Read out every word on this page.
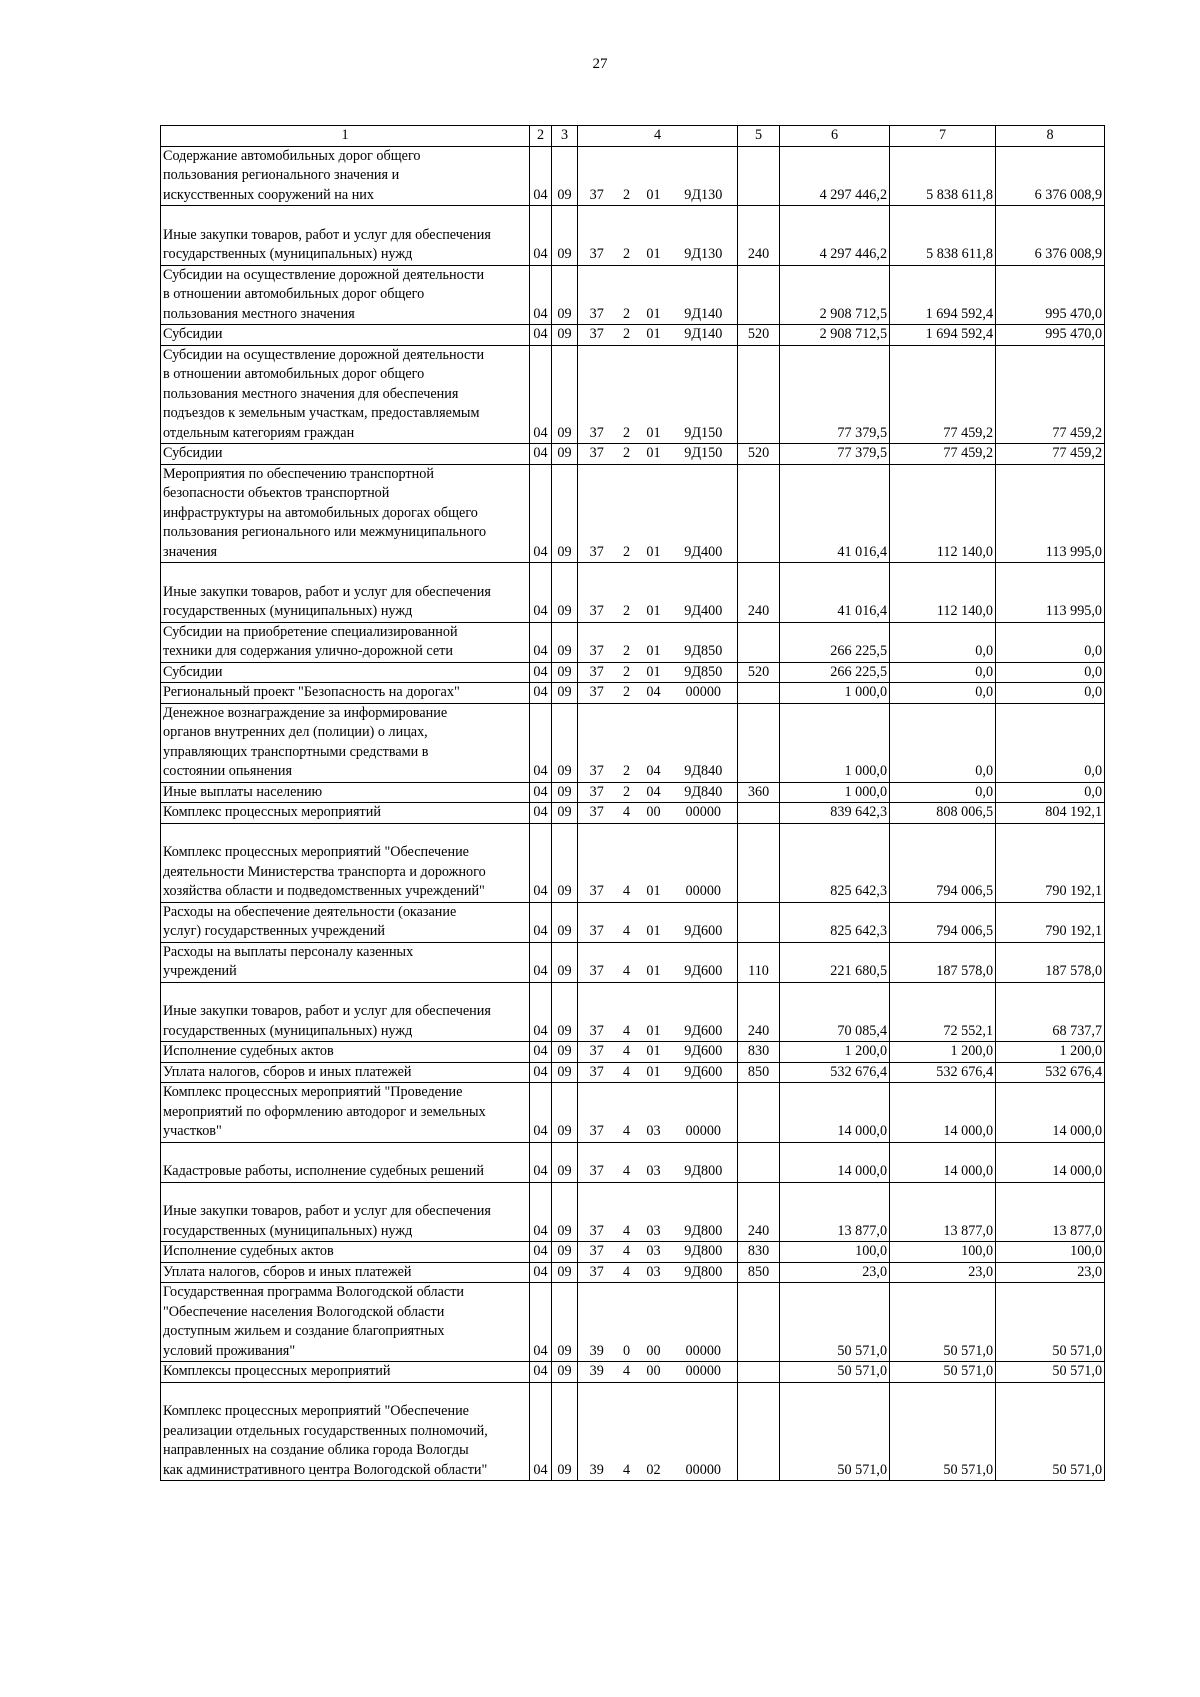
27
1	2	3	4				5	6	7	8
Содержание автомобильных дорог общего
пользования регионального значения и
искусственных сооружений на них	04	09	37	2	01	9Д130		4 297 446,2	5 838 611,8	6 376 008,9

Иные закупки товаров, работ и услуг для обеспечения
государственных (муниципальных) нужд	04	09	37	2	01	9Д130	240	4 297 446,2	5 838 611,8	6 376 008,9
Субсидии на осуществление дорожной деятельности
в отношении автомобильных дорог общего
пользования местного значения	04	09	37	2	01	9Д140		2 908 712,5	1 694 592,4	995 470,0
Субсидии	04	09	37	2	01	9Д140	520	2 908 712,5	1 694 592,4	995 470,0
Субсидии на осуществление дорожной деятельности
в отношении автомобильных дорог общего
пользования местного значения для обеспечения
подъездов к земельным участкам, предоставляемым
отдельным категориям граждан	04	09	37	2	01	9Д150		77 379,5	77 459,2	77 459,2
Субсидии	04	09	37	2	01	9Д150	520	77 379,5	77 459,2	77 459,2
Мероприятия по обеспечению транспортной
безопасности объектов транспортной
инфраструктуры на автомобильных дорогах общего
пользования регионального или межмуниципального
значения	04	09	37	2	01	9Д400		41 016,4	112 140,0	113 995,0

Иные закупки товаров, работ и услуг для обеспечения
государственных (муниципальных) нужд	04	09	37	2	01	9Д400	240	41 016,4	112 140,0	113 995,0
Субсидии на приобретение специализированной
техники для содержания улично-дорожной сети	04	09	37	2	01	9Д850		266 225,5	0,0	0,0
Субсидии	04	09	37	2	01	9Д850	520	266 225,5	0,0	0,0
Региональный проект "Безопасность на дорогах"	04	09	37	2	04	00000		1 000,0	0,0	0,0
Денежное вознаграждение за информирование
органов внутренних дел (полиции) о лицах,
управляющих транспортными средствами в
состоянии опьянения	04	09	37	2	04	9Д840		1 000,0	0,0	0,0
Иные выплаты населению	04	09	37	2	04	9Д840	360	1 000,0	0,0	0,0
Комплекс процессных мероприятий	04	09	37	4	00	00000		839 642,3	808 006,5	804 192,1

Комплекс процессных мероприятий "Обеспечение
деятельности Министерства транспорта и дорожного
хозяйства области и подведомственных учреждений"	04	09	37	4	01	00000		825 642,3	794 006,5	790 192,1
Расходы на обеспечение деятельности (оказание
услуг) государственных учреждений	04	09	37	4	01	9Д600		825 642,3	794 006,5	790 192,1
Расходы на выплаты персоналу казенных
учреждений	04	09	37	4	01	9Д600	110	221 680,5	187 578,0	187 578,0

Иные закупки товаров, работ и услуг для обеспечения
государственных (муниципальных) нужд	04	09	37	4	01	9Д600	240	70 085,4	72 552,1	68 737,7
Исполнение судебных актов	04	09	37	4	01	9Д600	830	1 200,0	1 200,0	1 200,0
Уплата налогов, сборов и иных платежей	04	09	37	4	01	9Д600	850	532 676,4	532 676,4	532 676,4
Комплекс процессных мероприятий "Проведение
мероприятий по оформлению автодорог и земельных
участков"	04	09	37	4	03	00000		14 000,0	14 000,0	14 000,0

Кадастровые работы, исполнение судебных решений	04	09	37	4	03	9Д800		14 000,0	14 000,0	14 000,0

Иные закупки товаров, работ и услуг для обеспечения
государственных (муниципальных) нужд	04	09	37	4	03	9Д800	240	13 877,0	13 877,0	13 877,0
Исполнение судебных актов	04	09	37	4	03	9Д800	830	100,0	100,0	100,0
Уплата налогов, сборов и иных платежей	04	09	37	4	03	9Д800	850	23,0	23,0	23,0
Государственная программа Вологодской области
"Обеспечение населения Вологодской области
доступным жильем и создание благоприятных
условий проживания"	04	09	39	0	00	00000		50 571,0	50 571,0	50 571,0
Комплексы процессных мероприятий	04	09	39	4	00	00000		50 571,0	50 571,0	50 571,0

Комплекс процессных мероприятий "Обеспечение
реализации отдельных государственных полномочий,
направленных на создание облика города Вологды
как административного центра Вологодской области"	04	09	39	4	02	00000		50 571,0	50 571,0	50 571,0
